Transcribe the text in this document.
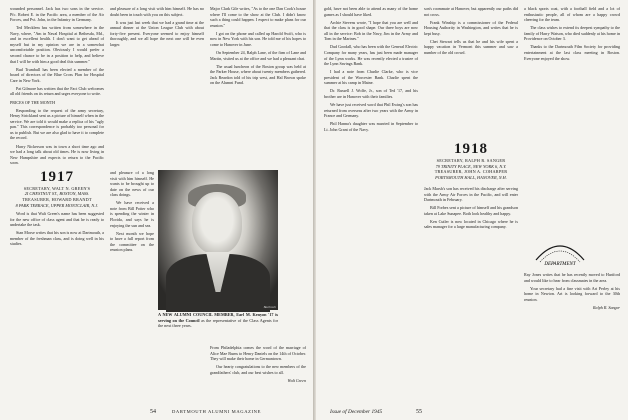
wounded personnel. Jack has two sons in the service. Pfc. Robert E. in the Pacific area, a member of the Air Forces, and Pvt. John, in the Infantry in Germany.

Ted Mecklem has written from somewhere in the Navy, where, "Am in Naval Hospital at Bethesda, Md., and in excellent health. I don't want to get ahead of myself but in my opinion we are in a somewhat uncomfortable position. Obviously I would prefer a second chance to be in a position to help, and believe that I will be with him a good deal this summer."

Bud Trumbull has been elected a member of the board of directors of the Blue Cross Plan for Hospital Care in New York.

Pat Gilmore has written that the Fact Club welcomes all old friends on its return and urges everyone to write.

PRICES OF THE MONTH

Responding to the request of the army secretary, Henry Strickland sent us a picture of himself when in the service. We are told it would make a replica of his "ugly pan." This correspondence is probably too personal for us to publish. But we are also glad to have it to complete the record.

Harry Nickerson was in town a short time ago and we had a long talk about old times. He is now living in New Hampshire and expects to return to the Pacific soon.

1917
SECRETARY, WALT N. GREEN'S
2I CHESTNUT ST., BOSTON, MASS.
TREASURER, HOWARD BRANDT
8 PARK TERRACE, UPPER MONTCLAIR, N.J.

Word is that Walt Green's name has been suggested for the new office of class agent and that he is ready to undertake the task.

Stan Morse writes that his son is now at Dartmouth, a member of the freshman class, and is doing well in his studies.

and pleasure of a long visit with him himself. He has no doubt been in touch with you on this subject.

It was just last week that we had a grand time at the annual dinner at the Union League Club with about forty-five present. Everyone seemed to enjoy himself thoroughly, and we all hope the next one will be even larger.

and pleasure of a long visit with him himself. He wants to be brought up to date on the news of our class doings.

We have received a note from Bill Potter who is spending the winter in Florida, and says he is enjoying the sun and sea.

Next month we hope to have a full report from the committee on the reunion plans.

Bachrach
A NEW ALUMNI COUNCIL MEMBER, Earl M. Kenyon '17 is serving on the Council as the representative of the Class Agents for the next three years.

Major Clark Gile writes, "As to the one Dan Cook's house where I'll come to the show at the Club. I didn't know such a thing could happen. I expect to make plans for our reunion."

I got on the phone and called up Harold Swift, who is now in New York with his son. He told me of his hopes to come to Hanover in June.

On September 24, Ralph Lane, of the firm of Lane and Martin, visited us at the office and we had a pleasant chat.

The usual luncheon of the Boston group was held at the Parker House, where about twenty members gathered. Jack Reardon told of his trip west, and Hal Brown spoke on the Alumni Fund.

From Philadelphia comes the word of the marriage of Alice Mae Burns to Henry Daniels on the 14th of October. They will make their home in Germantown.

Our hearty congratulations to the new members of the grandfathers' club, and our best wishes to all.

Walt Green

54	DARTMOUTH ALUMNI MAGAZINE

gold, have not been able to attend as many of the home games as I should have liked.

Archie Stevens wrote, "I hope that you are well and that the class is in good shape. Our three boys are now all in the service: Bob in the Navy, Jim in the Army and Tom in the Marines."

Dud Goodall, who has been with the General Electric Company for many years, has just been made manager of the Lynn works. He was recently elected a trustee of the Lynn Savings Bank.

I had a note from Charlie Clarke, who is vice president of the Worcester Bank. Charlie spent the summer at his camp in Maine.

Dr. Russell J. Wolfe, Jr., son of Ted '17, and his brother are in Hanover with their families.

We have just received word that Phil Ewing's son has returned from overseas after two years with the Army in France and Germany.

Phil Hanna's daughter was married in September to Lt. John Grant of the Navy.

son's roommate at Hanover, but apparently our paths did not cross.

Frank Winship is a commissioner of the Federal Housing Authority in Washington, and writes that he is kept busy.

Chet Stewart tells us that he and his wife spent a happy vacation in Vermont this summer and saw a number of the old crowd.

1918
SECRETARY, RALPH R. SANGER
79 TRINITY PLACE, NEW YORK 6, N.Y.
TREASURER, JOHN A. COHARPER
PORTSMOUTH HALL, HANOVER, N.H.

Jack Marsh's son has received his discharge after serving with the Army Air Forces in the Pacific, and will enter Dartmouth in February.

Bill Forbes sent a picture of himself and his grandson taken at Lake Sunapee. Both look healthy and happy.

Ken Cutler is now located in Chicago where he is sales manager for a large manufacturing company.

a black sports coat, with a football field and a lot of enthusiastic people, all of whom are a happy crowd cheering for the team.

The class wishes to extend its deepest sympathy to the family of Harry Watson, who died suddenly at his home in Providence on October 3.

Thanks to the Dartmouth Film Society for providing entertainment at the last class meeting in Boston. Everyone enjoyed the show.

DEPARTMENT

Ray Jones writes that he has recently moved to Hartford and would like to hear from classmates in the area.

Your secretary had a fine visit with Art Perley at his home in Newton. Art is looking forward to the 30th reunion.

Ralph R. Sanger

Issue of December 1945	55
